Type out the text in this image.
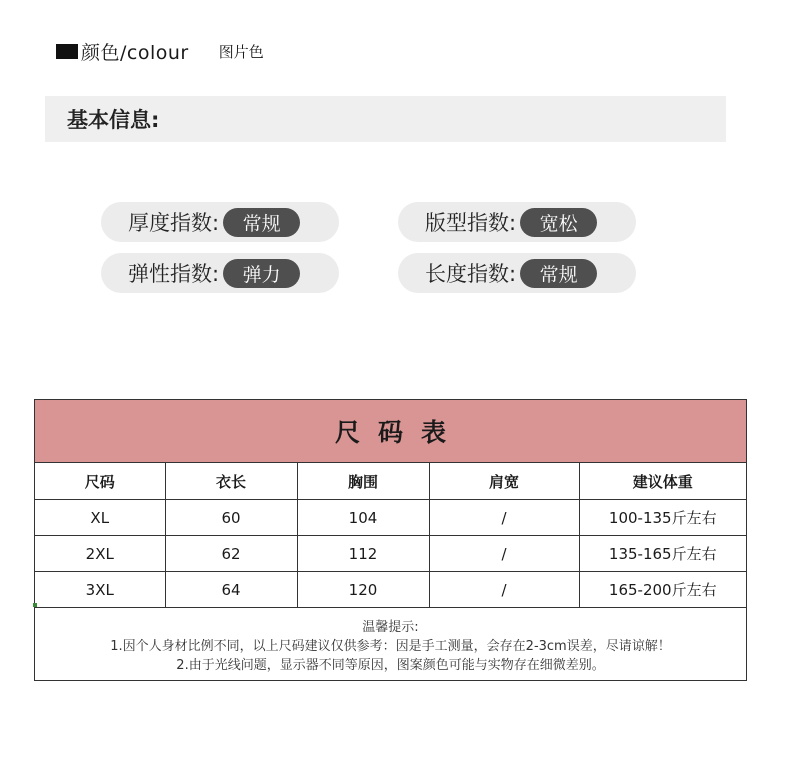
颜色/colour 图片色
基本信息:
厚度指数:	常规	版型指数:	宽松
弹性指数:	弹力	长度指数:	常规
尺码表
尺码	衣长	胸围	肩宽	建议体重
XL	60	104	/	100-135斤左右
2XL	62	112	/	135-165斤左右
3XL	64	120	/	165-200斤左右
温馨提示:
1.因个人身材比例不同，以上尺码建议仅供参考：因是手工测量，会存在2-3cm误差，尽请谅解！
2.由于光线问题，显示器不同等原因，图案颜色可能与实物存在细微差别。
